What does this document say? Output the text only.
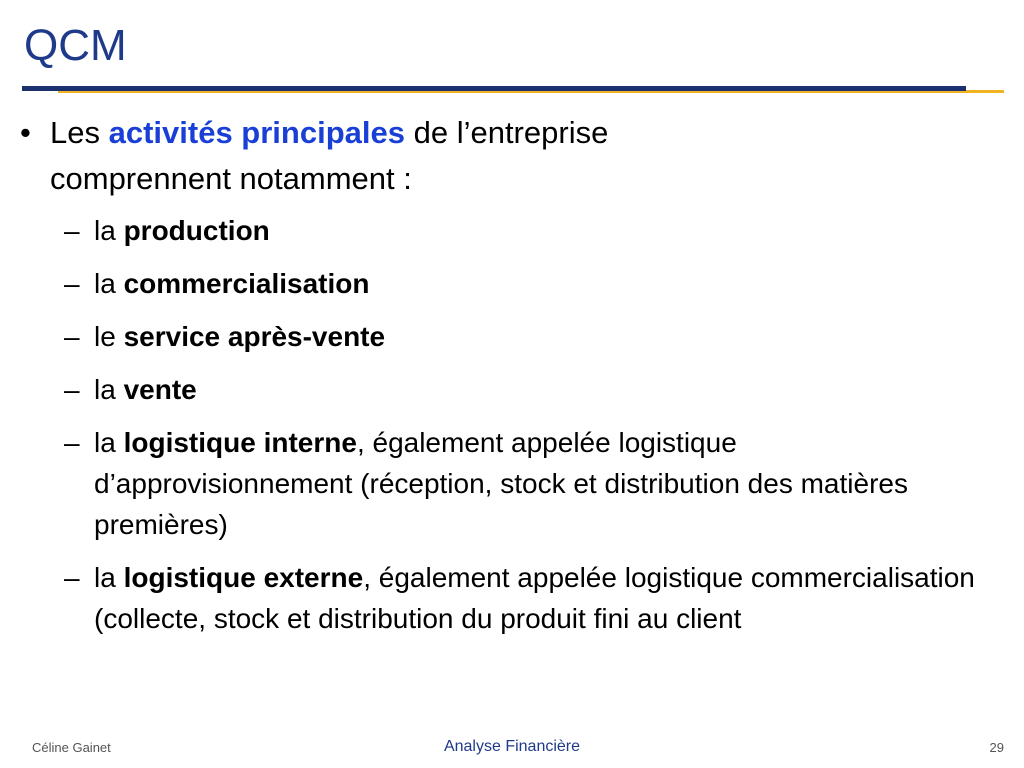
QCM
• Les activités principales de l’entreprise
comprennent notamment :
– la production
– la commercialisation
– le service après-vente
– la vente
– la logistique interne, également appelée logistique d’approvisionnement (réception, stock et distribution des matières premières)
– la logistique externe, également appelée logistique commercialisation (collecte, stock et distribution du produit fini au client
Céline Gainet	Analyse Financière	29
